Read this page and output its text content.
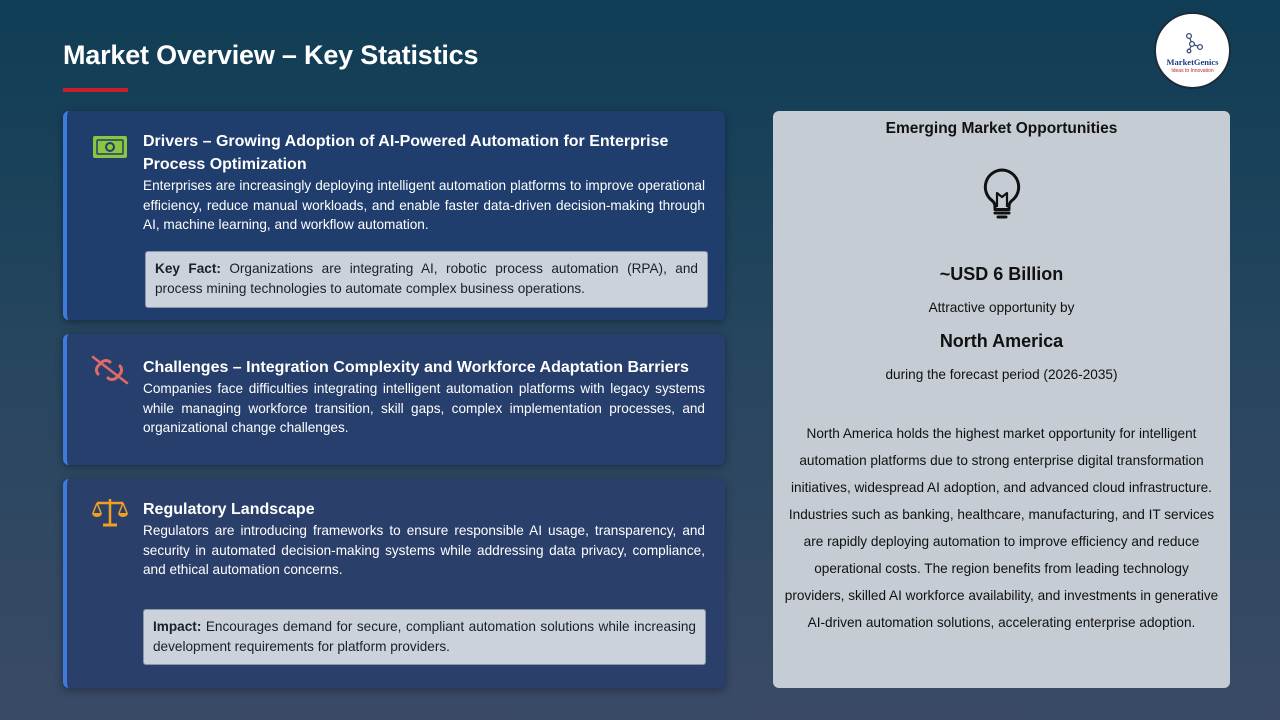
Market Overview – Key Statistics	MarketGenics
Ideas to Innovation
Drivers – Growing Adoption of AI-Powered Automation for Enterprise Process Optimization
Enterprises are increasingly deploying intelligent automation platforms to improve operational efficiency, reduce manual workloads, and enable faster data-driven decision-making through AI, machine learning, and workflow automation.
Key Fact: Organizations are integrating AI, robotic process automation (RPA), and process mining technologies to automate complex business operations.
Challenges – Integration Complexity and Workforce Adaptation Barriers
Companies face difficulties integrating intelligent automation platforms with legacy systems while managing workforce transition, skill gaps, complex implementation processes, and organizational change challenges.
Regulatory Landscape
Regulators are introducing frameworks to ensure responsible AI usage, transparency, and security in automated decision-making systems while addressing data privacy, compliance, and ethical automation concerns.
Impact: Encourages demand for secure, compliant automation solutions while increasing development requirements for platform providers.
Emerging Market Opportunities
~USD 6 Billion
Attractive opportunity by
North America
during the forecast period (2026-2035)
North America holds the highest market opportunity for intelligent automation platforms due to strong enterprise digital transformation initiatives, widespread AI adoption, and advanced cloud infrastructure. Industries such as banking, healthcare, manufacturing, and IT services are rapidly deploying automation to improve efficiency and reduce operational costs. The region benefits from leading technology providers, skilled AI workforce availability, and investments in generative AI-driven automation solutions, accelerating enterprise adoption.
